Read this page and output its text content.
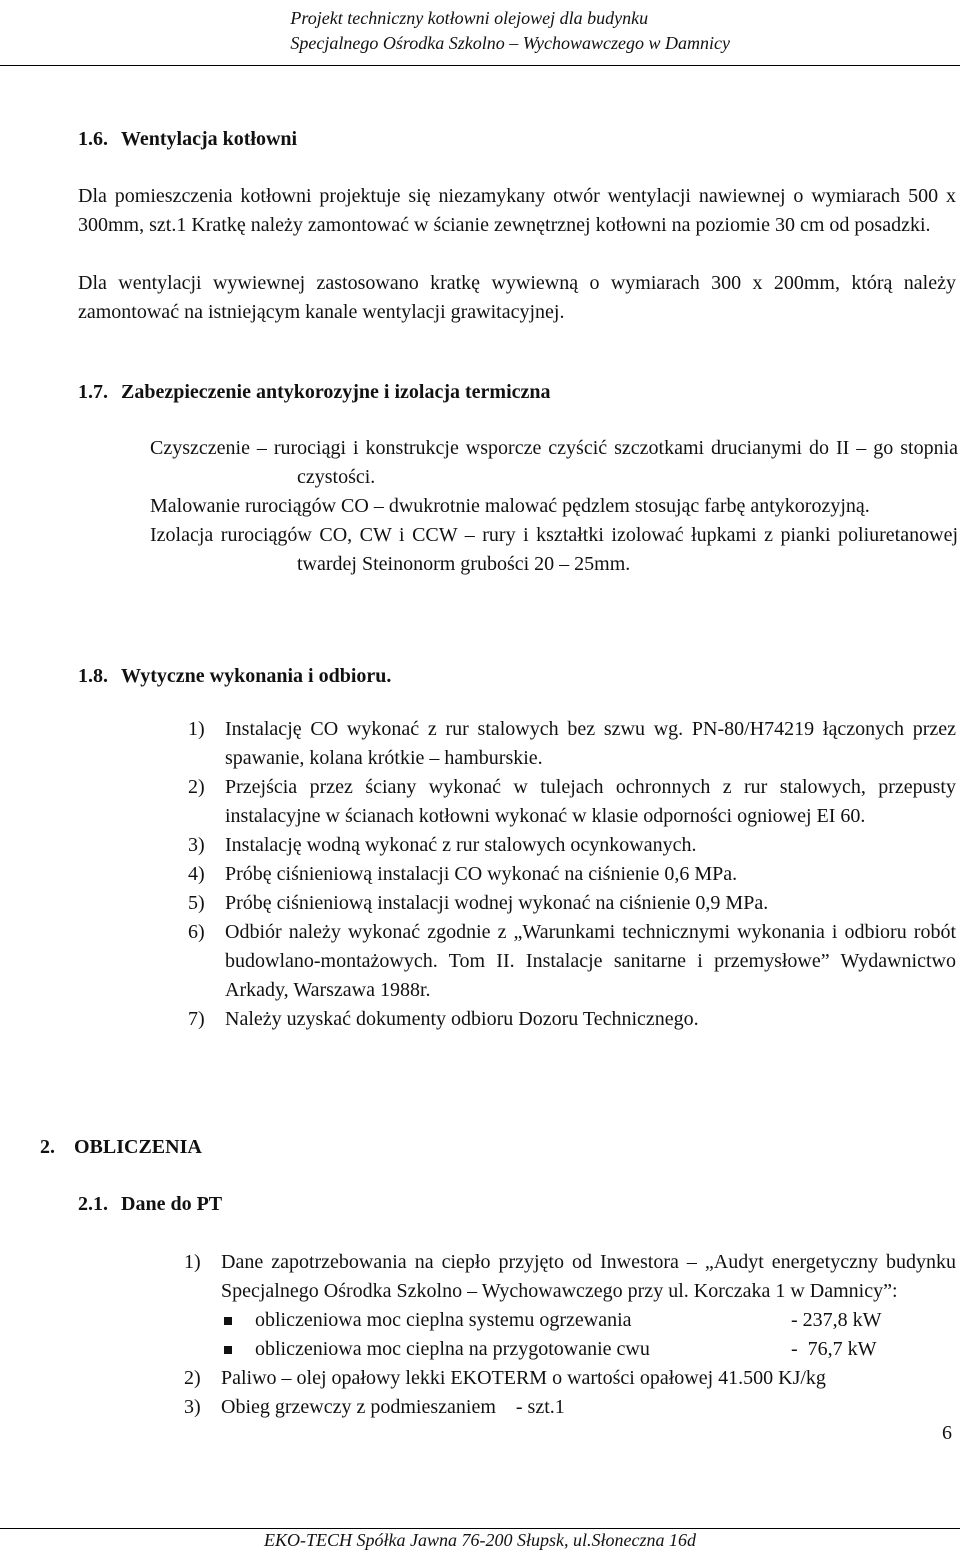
Projekt techniczny kotłowni olejowej dla budynku
Specjalnego Ośrodka Szkolno – Wychowawczego w Damnicy
1.6. Wentylacja kotłowni
Dla pomieszczenia kotłowni projektuje się niezamykany otwór wentylacji nawiewnej o wymiarach 500 x 300mm, szt.1 Kratkę należy zamontować w ścianie zewnętrznej kotłowni na poziomie 30 cm od posadzki.
Dla wentylacji wywiewnej zastosowano kratkę wywiewną o wymiarach 300 x 200mm, którą należy zamontować na istniejącym kanale wentylacji grawitacyjnej.
1.7. Zabezpieczenie antykorozyjne i izolacja termiczna

Czyszczenie – rurociągi i konstrukcje wsporcze czyścić szczotkami drucianymi do II – go stopnia czystości.

Malowanie rurociągów CO – dwukrotnie malować pędzlem stosując farbę antykorozyjną.

Izolacja rurociągów CO, CW i CCW – rury i kształtki izolować łupkami z pianki poliuretanowej twardej Steinonorm grubości 20 – 25mm.

1.8. Wytyczne wykonania i odbioru.
1) Instalację CO wykonać z rur stalowych bez szwu wg. PN-80/H74219 łączonych przez spawanie, kolana krótkie – hamburskie.
2) Przejścia przez ściany wykonać w tulejach ochronnych z rur stalowych, przepusty instalacyjne w ścianach kotłowni wykonać w klasie odporności ogniowej EI 60.
3) Instalację wodną wykonać z rur stalowych ocynkowanych.
4) Próbę ciśnieniową instalacji CO wykonać na ciśnienie 0,6 MPa.
5) Próbę ciśnieniową instalacji wodnej wykonać na ciśnienie 0,9 MPa.
6) Odbiór należy wykonać zgodnie z „Warunkami technicznymi wykonania i odbioru robót budowlano-montażowych. Tom II. Instalacje sanitarne i przemysłowe” Wydawnictwo Arkady, Warszawa 1988r.
7) Należy uzyskać dokumenty odbioru Dozoru Technicznego.
2. OBLICZENIA
2.1. Dane do PT
1) Dane zapotrzebowania na ciepło przyjęto od Inwestora – „Audyt energetyczny budynku Specjalnego Ośrodka Szkolno – Wychowawczego przy ul. Korczaka 1 w Damnicy”:
obliczeniowa moc cieplna systemu ogrzewania	- 237,8 kW
obliczeniowa moc cieplna na przygotowanie cwu	-  76,7 kW
2) Paliwo – olej opałowy lekki EKOTERM o wartości opałowej 41.500 KJ/kg
3) Obieg grzewczy z podmieszaniem    - szt.1
6
EKO-TECH Spółka Jawna 76-200 Słupsk, ul.Słoneczna 16d
